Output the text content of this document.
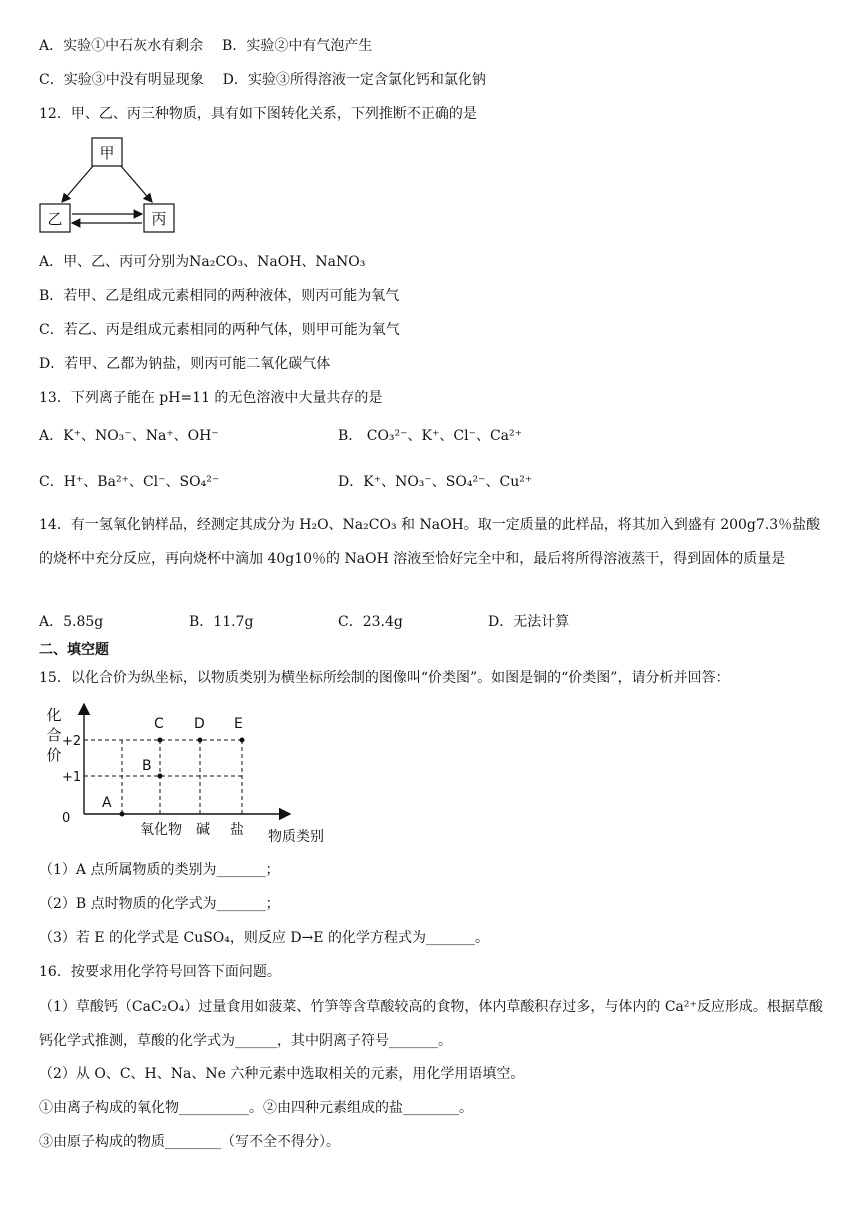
A．实验①中石灰水有剩余 B．实验②中有气泡产生
C．实验③中没有明显现象 D．实验③所得溶液一定含氯化钙和氯化钠
12．甲、乙、丙三种物质，具有如下图转化关系，下列推断不正确的是
甲
乙	丙
A．甲、乙、丙可分别为Na₂CO₃、NaOH、NaNO₃
B．若甲、乙是组成元素相同的两种液体，则丙可能为氧气
C．若乙、丙是组成元素相同的两种气体，则甲可能为氧气
D．若甲、乙都为钠盐，则丙可能二氧化碳气体
13．下列离子能在 pH=11 的无色溶液中大量共存的是
A．K⁺、NO₃⁻、Na⁺、OH⁻	B． CO₃²⁻、K⁺、Cl⁻、Ca²⁺
C．H⁺、Ba²⁺、Cl⁻、SO₄²⁻	D．K⁺、NO₃⁻、SO₄²⁻、Cu²⁺
14．有一氢氧化钠样品，经测定其成分为 H₂O、Na₂CO₃ 和 NaOH。取一定质量的此样品，将其加入到盛有 200g7.3％盐酸的烧杯中充分反应，再向烧杯中滴加 40g10％的 NaOH 溶液至恰好完全中和，最后将所得溶液蒸干，得到固体的质量是
A．5.85g	B．11.7g	C．23.4g	D．无法计算
二、填空题
15．以化合价为纵坐标，以物质类别为横坐标所绘制的图像叫“价类图”。如图是铜的“价类图”，请分析并回答：
化
合
价
+2
+1
0
A
B
C D E
氧化物 碱 盐 物质类别
（1）A 点所属物质的类别为_______；
（2）B 点时物质的化学式为_______；
（3）若 E 的化学式是 CuSO₄，则反应 D→E 的化学方程式为_______。
16．按要求用化学符号回答下面问题。
（1）草酸钙（CaC₂O₄）过量食用如菠菜、竹笋等含草酸较高的食物，体内草酸积存过多，与体内的 Ca²⁺反应形成。根据草酸钙化学式推测，草酸的化学式为______，其中阴离子符号_______。
（2）从 O、C、H、Na、Ne 六种元素中选取相关的元素，用化学用语填空。
①由离子构成的氧化物__________。②由四种元素组成的盐________。
③由原子构成的物质________（写不全不得分）。
